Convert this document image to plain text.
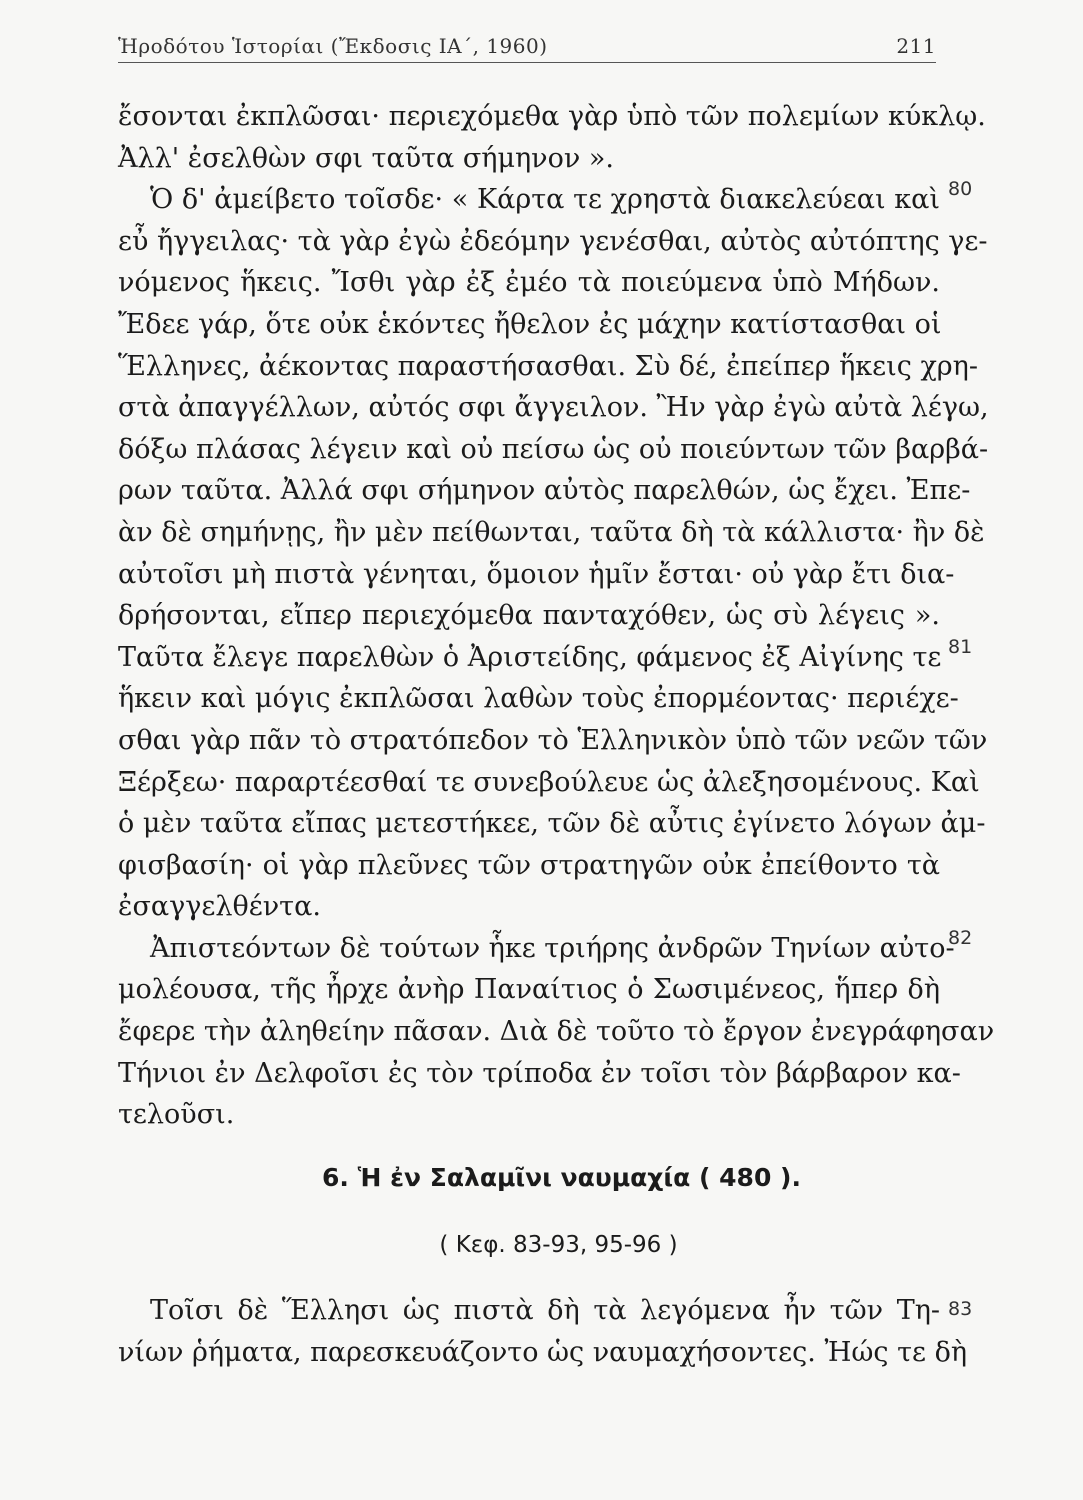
Ἡροδότου Ἱστορίαι (Ἔκδοσις ΙΑ΄, 1960)	211
ἔσονται ἐκπλῶσαι· περιεχόμεθα γὰρ ὑπὸ τῶν πολεμίων κύκλῳ.
Ἀλλ' ἐσελθὼν σφι ταῦτα σήμηνον ».
Ὁ δ' ἀμείβετο τοῖσδε· « Κάρτα τε χρηστὰ διακελεύεαι καὶ
εὖ ἤγγειλας· τὰ γὰρ ἐγὼ ἐδεόμην γενέσθαι, αὐτὸς αὐτόπτης γε-
νόμενος ἥκεις. Ἴσθι γὰρ ἐξ ἐμέο τὰ ποιεύμενα ὑπὸ Μήδων.
Ἔδεε γάρ, ὅτε οὐκ ἑκόντες ἤθελον ἐς μάχην κατίστασθαι οἱ
Ἕλληνες, ἀέκοντας παραστήσασθαι. Σὺ δέ, ἐπείπερ ἥκεις χρη-
στὰ ἀπαγγέλλων, αὐτός σφι ἄγγειλον. Ἢν γὰρ ἐγὼ αὐτὰ λέγω,
δόξω πλάσας λέγειν καὶ οὐ πείσω ὡς οὐ ποιεύντων τῶν βαρβά-
ρων ταῦτα. Ἀλλά σφι σήμηνον αὐτὸς παρελθών, ὡς ἔχει. Ἐπε-
ὰν δὲ σημήνῃς, ἢν μὲν πείθωνται, ταῦτα δὴ τὰ κάλλιστα· ἢν δὲ
αὐτοῖσι μὴ πιστὰ γένηται, ὅμοιον ἡμῖν ἔσται· οὐ γὰρ ἔτι δια-
δρήσονται, εἴπερ περιεχόμεθα πανταχόθεν, ὡς σὺ λέγεις ».
Ταῦτα ἔλεγε παρελθὼν ὁ Ἀριστείδης, φάμενος ἐξ Αἰγίνης τε
ἥκειν καὶ μόγις ἐκπλῶσαι λαθὼν τοὺς ἐπορμέοντας· περιέχε-
σθαι γὰρ πᾶν τὸ στρατόπεδον τὸ Ἑλληνικὸν ὑπὸ τῶν νεῶν τῶν
Ξέρξεω· παραρτέεσθαί τε συνεβούλευε ὡς ἀλεξησομένους. Καὶ
ὁ μὲν ταῦτα εἴπας μετεστήκεε, τῶν δὲ αὖτις ἐγίνετο λόγων ἀμ-
φισβασίη· οἱ γὰρ πλεῦνες τῶν στρατηγῶν οὐκ ἐπείθοντο τὰ
ἐσαγγελθέντα.
Ἀπιστεόντων δὲ τούτων ἧκε τριήρης ἀνδρῶν Τηνίων αὐτο-
μολέουσα, τῆς ἦρχε ἀνὴρ Παναίτιος ὁ Σωσιμένεος, ἥπερ δὴ
ἔφερε τὴν ἀληθείην πᾶσαν. Διὰ δὲ τοῦτο τὸ ἔργον ἐνεγράφησαν
Τήνιοι ἐν Δελφοῖσι ἐς τὸν τρίποδα ἐν τοῖσι τὸν βάρβαρον κα-
τελοῦσι.
80
81
82
83
6. Ἡ ἐν Σαλαμῖνι ναυμαχία ( 480 ).
( Κεφ. 83-93, 95-96 )
Τοῖσι δὲ Ἕλλησι ὡς πιστὰ δὴ τὰ λεγόμενα ἦν τῶν Τη-
νίων ῥήματα, παρεσκευάζοντο ὡς ναυμαχήσοντες. Ἠώς τε δὴ
